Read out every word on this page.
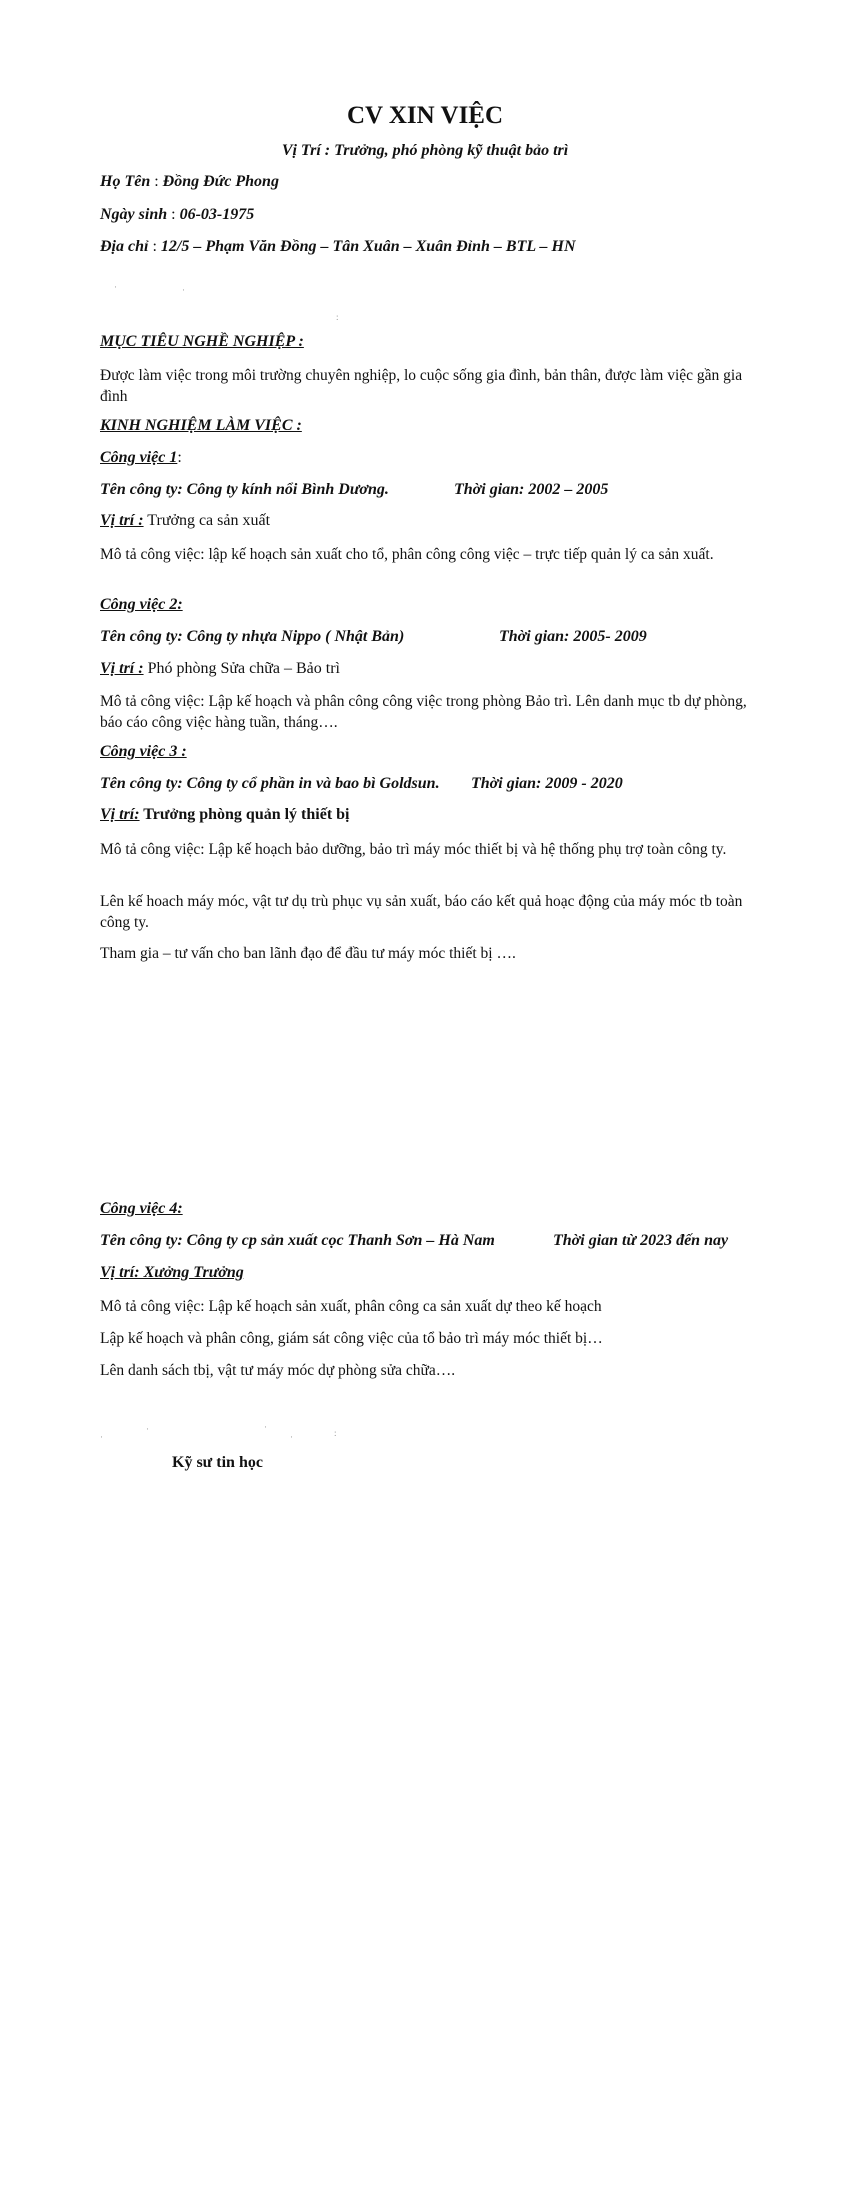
CV XIN VIỆC
Vị Trí : Trưởng, phó phòng kỹ thuật bảo trì
Họ Tên : Đồng Đức Phong
Ngày sinh : 06-03-1975
Địa chỉ : 12/5 – Phạm Văn Đồng – Tân Xuân – Xuân Đỉnh – BTL – HN
·	·
:
MỤC TIÊU NGHỀ NGHIỆP :
Được làm việc trong môi trường chuyên nghiệp, lo cuộc sống gia đình, bản thân, được làm việc gần gia đình
KINH NGHIỆM LÀM VIỆC :
Công việc 1:
Tên công ty: Công ty kính nổi Bình Dương.	Thời gian: 2002 – 2005
Vị trí : Trưởng ca sản xuất
Mô tả công việc: lập kế hoạch sản xuất cho tổ, phân công công việc – trực tiếp quản lý ca sản xuất.
Công việc 2:
Tên công ty: Công ty nhựa Nippo ( Nhật Bản)	Thời gian: 2005- 2009
Vị trí : Phó phòng Sửa chữa – Bảo trì
Mô tả công việc: Lập kế hoạch và phân công công việc trong phòng Bảo trì. Lên danh mục tb dự phòng, báo cáo công việc hàng tuần, tháng….
Công việc 3 :
Tên công ty: Công ty cổ phần in và bao bì Goldsun. Thời gian: 2009 - 2020
Vị trí: Trưởng phòng quản lý thiết bị
Mô tả công việc: Lập kế hoạch bảo dưỡng, bảo trì máy móc thiết bị và hệ thống phụ trợ toàn công ty.
Lên kế hoach máy móc, vật tư dụ trù phục vụ sản xuất, báo cáo kết quả hoạc động của máy móc tb toàn công ty.
Tham gia – tư vấn cho ban lãnh đạo để đầu tư máy móc thiết bị ….
Công việc 4:
Tên công ty: Công ty cp sản xuất cọc Thanh Sơn – Hà Nam	Thời gian từ 2023 đến nay
Vị trí: Xưởng Trưởng
Mô tả công việc: Lập kế hoạch sản xuất, phân công ca sản xuất dự theo kế hoạch
Lập kế hoạch và phân công, giám sát công việc của tổ bảo trì máy móc thiết bị…
Lên danh sách tbị, vật tư máy móc dự phòng sửa chữa….
·
·	·
·	:
Kỹ sư tin học
